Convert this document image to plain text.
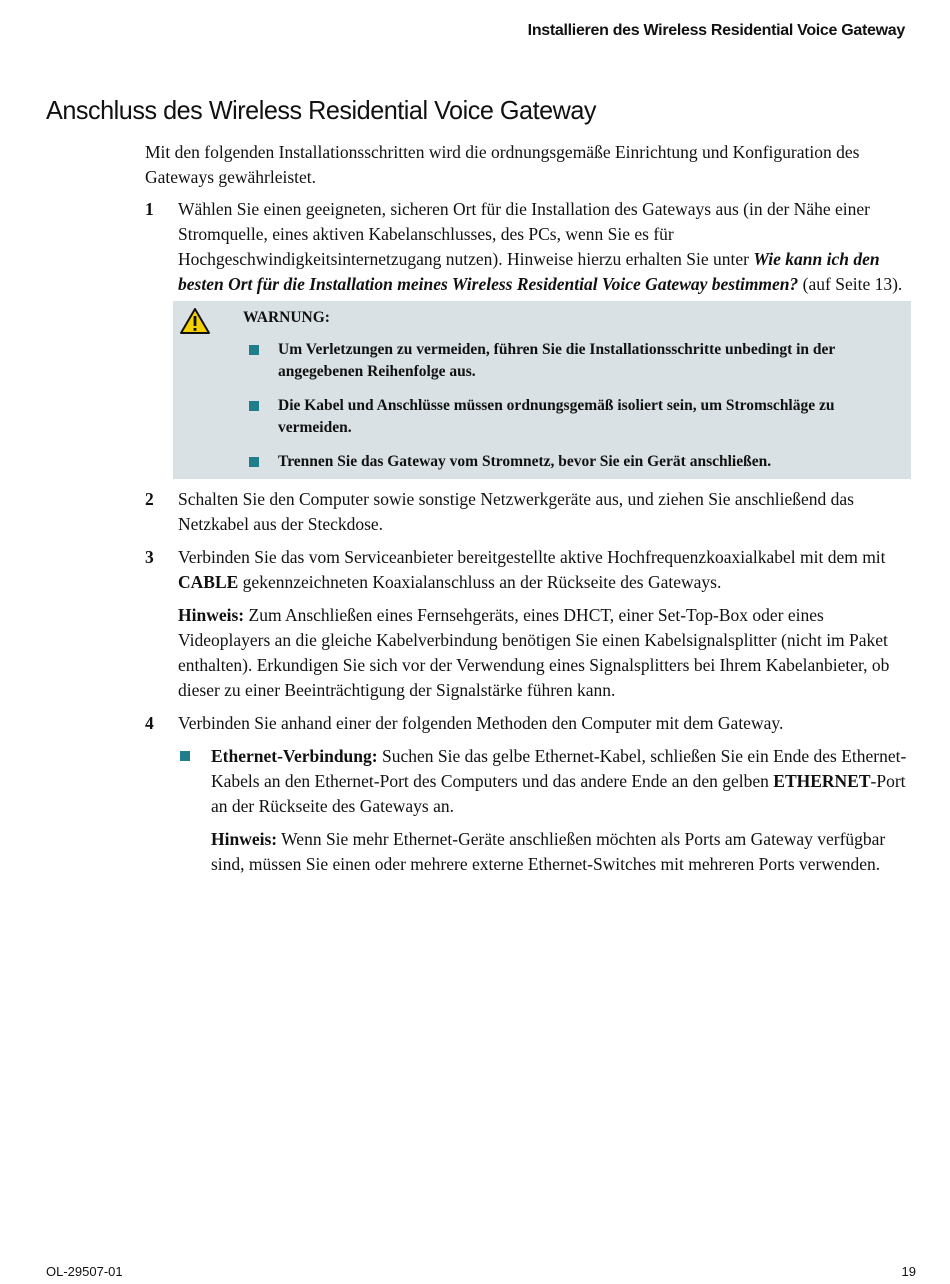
Installieren des Wireless Residential Voice Gateway
Anschluss des Wireless Residential Voice Gateway

Mit den folgenden Installationsschritten wird die ordnungsgemäße Einrichtung und Konfiguration des Gateways gewährleistet.

1 Wählen Sie einen geeigneten, sicheren Ort für die Installation des Gateways aus (in der Nähe einer Stromquelle, eines aktiven Kabelanschlusses, des PCs, wenn Sie es für Hochgeschwindigkeitsinternetzugang nutzen). Hinweise hierzu erhalten Sie unter Wie kann ich den besten Ort für die Installation meines Wireless Residential Voice Gateway bestimmen? (auf Seite 13).

WARNUNG:
Um Verletzungen zu vermeiden, führen Sie die Installationsschritte unbedingt in der angegebenen Reihenfolge aus.
Die Kabel und Anschlüsse müssen ordnungsgemäß isoliert sein, um Stromschläge zu vermeiden.
Trennen Sie das Gateway vom Stromnetz, bevor Sie ein Gerät anschließen.
2 Schalten Sie den Computer sowie sonstige Netzwerkgeräte aus, und ziehen Sie anschließend das Netzkabel aus der Steckdose.

3 Verbinden Sie das vom Serviceanbieter bereitgestellte aktive Hochfrequenzkoaxialkabel mit dem mit CABLE gekennzeichneten Koaxialanschluss an der Rückseite des Gateways.

Hinweis: Zum Anschließen eines Fernsehgeräts, eines DHCT, einer Set-Top-Box oder eines Videoplayers an die gleiche Kabelverbindung benötigen Sie einen Kabelsignalsplitter (nicht im Paket enthalten). Erkundigen Sie sich vor der Verwendung eines Signalsplitters bei Ihrem Kabelanbieter, ob dieser zu einer Beeinträchtigung der Signalstärke führen kann.

4 Verbinden Sie anhand einer der folgenden Methoden den Computer mit dem Gateway.

Ethernet-Verbindung: Suchen Sie das gelbe Ethernet-Kabel, schließen Sie ein Ende des Ethernet-Kabels an den Ethernet-Port des Computers und das andere Ende an den gelben ETHERNET-Port an der Rückseite des Gateways an.

Hinweis: Wenn Sie mehr Ethernet-Geräte anschließen möchten als Ports am Gateway verfügbar sind, müssen Sie einen oder mehrere externe Ethernet-Switches mit mehreren Ports verwenden.

OL-29507-01	19
